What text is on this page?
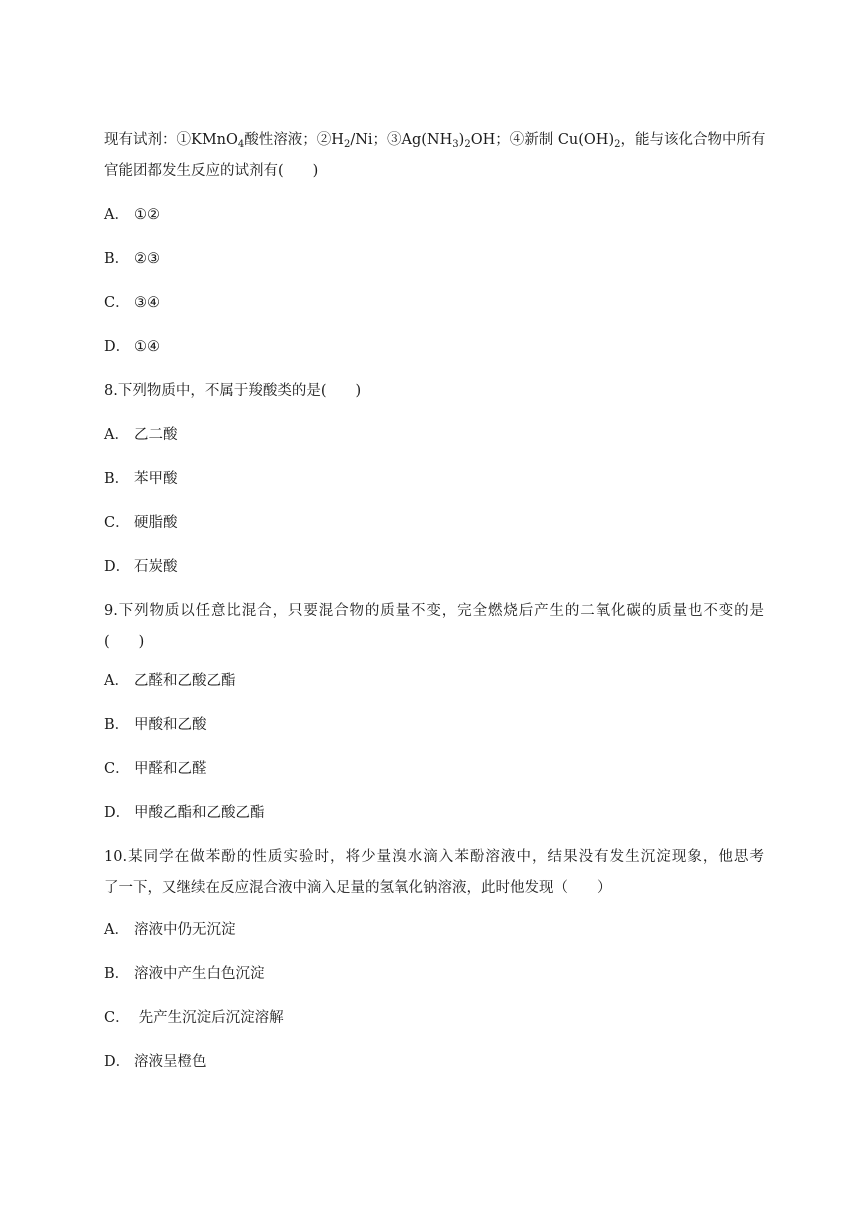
现有试剂：①KMnO$_4$酸性溶液；$②H_2/Ni$；$③Ag(NH_3)_2OH$；④新制 $Cu(OH)_2$，能与该化合物中所有
官能团都发生反应的试剂有(　　)
A． ①②
B． ②③
C． ③④
D． ①④
8.下列物质中，不属于羧酸类的是(　　)
A． 乙二酸
B． 苯甲酸
C． 硬脂酸
D． 石炭酸
9.下列物质以任意比混合，只要混合物的质量不变，完全燃烧后产生的二氧化碳的质量也不变的是
(　　)
A． 乙醛和乙酸乙酯
B． 甲酸和乙酸
C． 甲醛和乙醛
D． 甲酸乙酯和乙酸乙酯
10.某同学在做苯酚的性质实验时，将少量溴水滴入苯酚溶液中，结果没有发生沉淀现象，他思考
了一下，又继续在反应混合液中滴入足量的氢氧化钠溶液，此时他发现（　　）
A． 溶液中仍无沉淀
B． 溶液中产生白色沉淀
C． 先产生沉淀后沉淀溶解
D． 溶液呈橙色
